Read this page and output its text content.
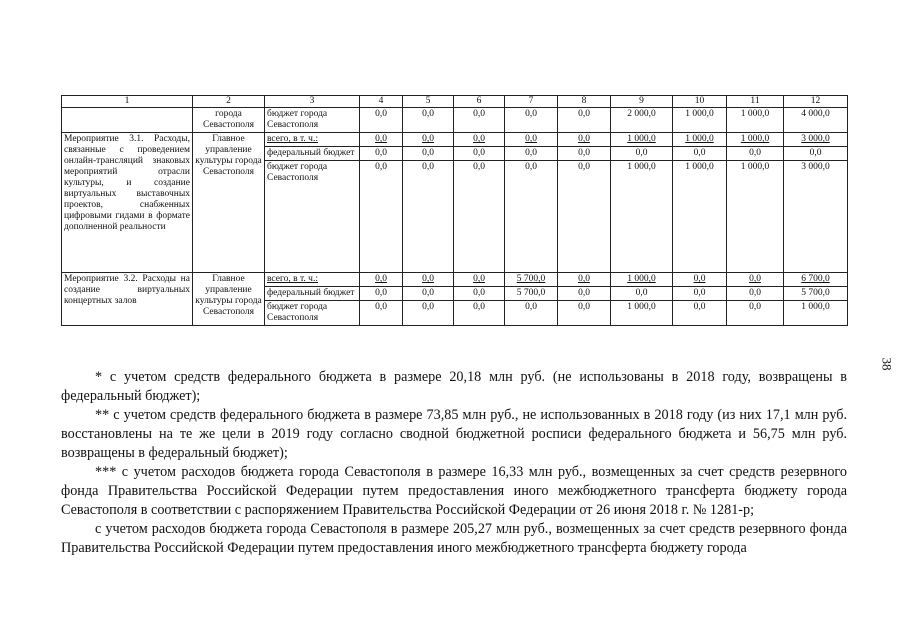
1	2	3	4	5	6	7	8	9	10	11	12
	города Севастополя	бюджет города Севастополя	0,0	0,0	0,0	0,0	0,0	2 000,0	1 000,0	1 000,0	4 000,0
Мероприятие 3.1. Расходы, связанные с проведением онлайн-трансляций знаковых мероприятий отрасли культуры, и создание виртуальных выставочных проектов, снабженных цифровыми гидами в формате дополненной реальности	Главное управление культуры города Севастополя	всего, в т. ч.:	0,0	0,0	0,0	0,0	0,0	1 000,0	1 000,0	1 000,0	3 000,0
		федеральный бюджет	0,0	0,0	0,0	0,0	0,0	0,0	0,0	0,0	0,0
		бюджет города Севастополя	0,0	0,0	0,0	0,0	0,0	1 000,0	1 000,0	1 000,0	3 000,0
Мероприятие 3.2. Расходы на создание виртуальных концертных залов	Главное управление культуры города Севастополя	всего, в т. ч.:	0,0	0,0	0,0	5 700,0	0,0	1 000,0	0,0	0,0	6 700,0
		федеральный бюджет	0,0	0,0	0,0	5 700,0	0,0	0,0	0,0	0,0	5 700,0
		бюджет города Севастополя	0,0	0,0	0,0	0,0	0,0	1 000,0	0,0	0,0	1 000,0
38

* с учетом средств федерального бюджета в размере 20,18 млн руб. (не использованы в 2018 году, возвращены в федеральный бюджет);

** с учетом средств федерального бюджета в размере 73,85 млн руб., не использованных в 2018 году (из них 17,1 млн руб. восстановлены на те же цели в 2019 году согласно сводной бюджетной росписи федерального бюджета и 56,75 млн руб. возвращены в федеральный бюджет);

*** с учетом расходов бюджета города Севастополя в размере 16,33 млн руб., возмещенных за счет средств резервного фонда Правительства Российской Федерации путем предоставления иного межбюджетного трансферта бюджету города Севастополя в соответствии с распоряжением Правительства Российской Федерации от 26 июня 2018 г. № 1281-р;

с учетом расходов бюджета города Севастополя в размере 205,27 млн руб., возмещенных за счет средств резервного фонда Правительства Российской Федерации путем предоставления иного межбюджетного трансферта бюджету города
